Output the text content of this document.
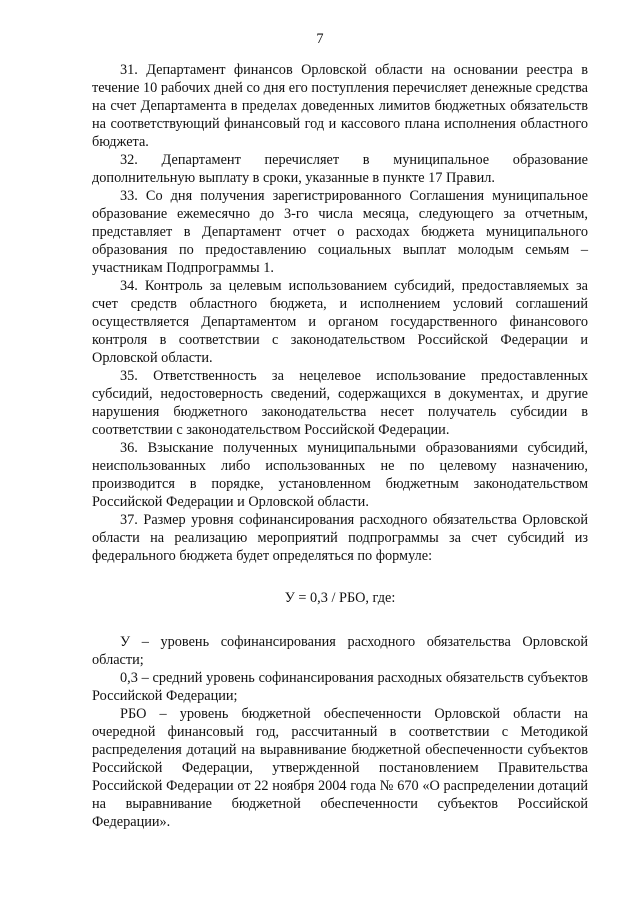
7

31. Департамент финансов Орловской области на основании реестра в течение 10 рабочих дней со дня его поступления перечисляет денежные средства на счет Департамента в пределах доведенных лимитов бюджетных обязательств на соответствующий финансовый год и кассового плана исполнения областного бюджета.

32. Департамент перечисляет в муниципальное образование дополнительную выплату в сроки, указанные в пункте 17 Правил.

33. Со дня получения зарегистрированного Соглашения муниципальное образование ежемесячно до 3-го числа месяца, следующего за отчетным, представляет в Департамент отчет о расходах бюджета муниципального образования по предоставлению социальных выплат молодым семьям – участникам Подпрограммы 1.

34. Контроль за целевым использованием субсидий, предоставляемых за счет средств областного бюджета, и исполнением условий соглашений осуществляется Департаментом и органом государственного финансового контроля в соответствии с законодательством Российской Федерации и Орловской области.

35. Ответственность за нецелевое использование предоставленных субсидий, недостоверность сведений, содержащихся в документах, и другие нарушения бюджетного законодательства несет получатель субсидии в соответствии с законодательством Российской Федерации.

36. Взыскание полученных муниципальными образованиями субсидий, неиспользованных либо использованных не по целевому назначению, производится в порядке, установленном бюджетным законодательством Российской Федерации и Орловской области.

37. Размер уровня софинансирования расходного обязательства Орловской области на реализацию мероприятий подпрограммы за счет субсидий из федерального бюджета будет определяться по формуле:

У = 0,3 / РБО, где:

У – уровень софинансирования расходного обязательства Орловской области;

0,3 – средний уровень софинансирования расходных обязательств субъектов Российской Федерации;

РБО – уровень бюджетной обеспеченности Орловской области на очередной финансовый год, рассчитанный в соответствии с Методикой распределения дотаций на выравнивание бюджетной обеспеченности субъектов Российской Федерации, утвержденной постановлением Правительства Российской Федерации от 22 ноября 2004 года № 670 «О распределении дотаций на выравнивание бюджетной обеспеченности субъектов Российской Федерации».
